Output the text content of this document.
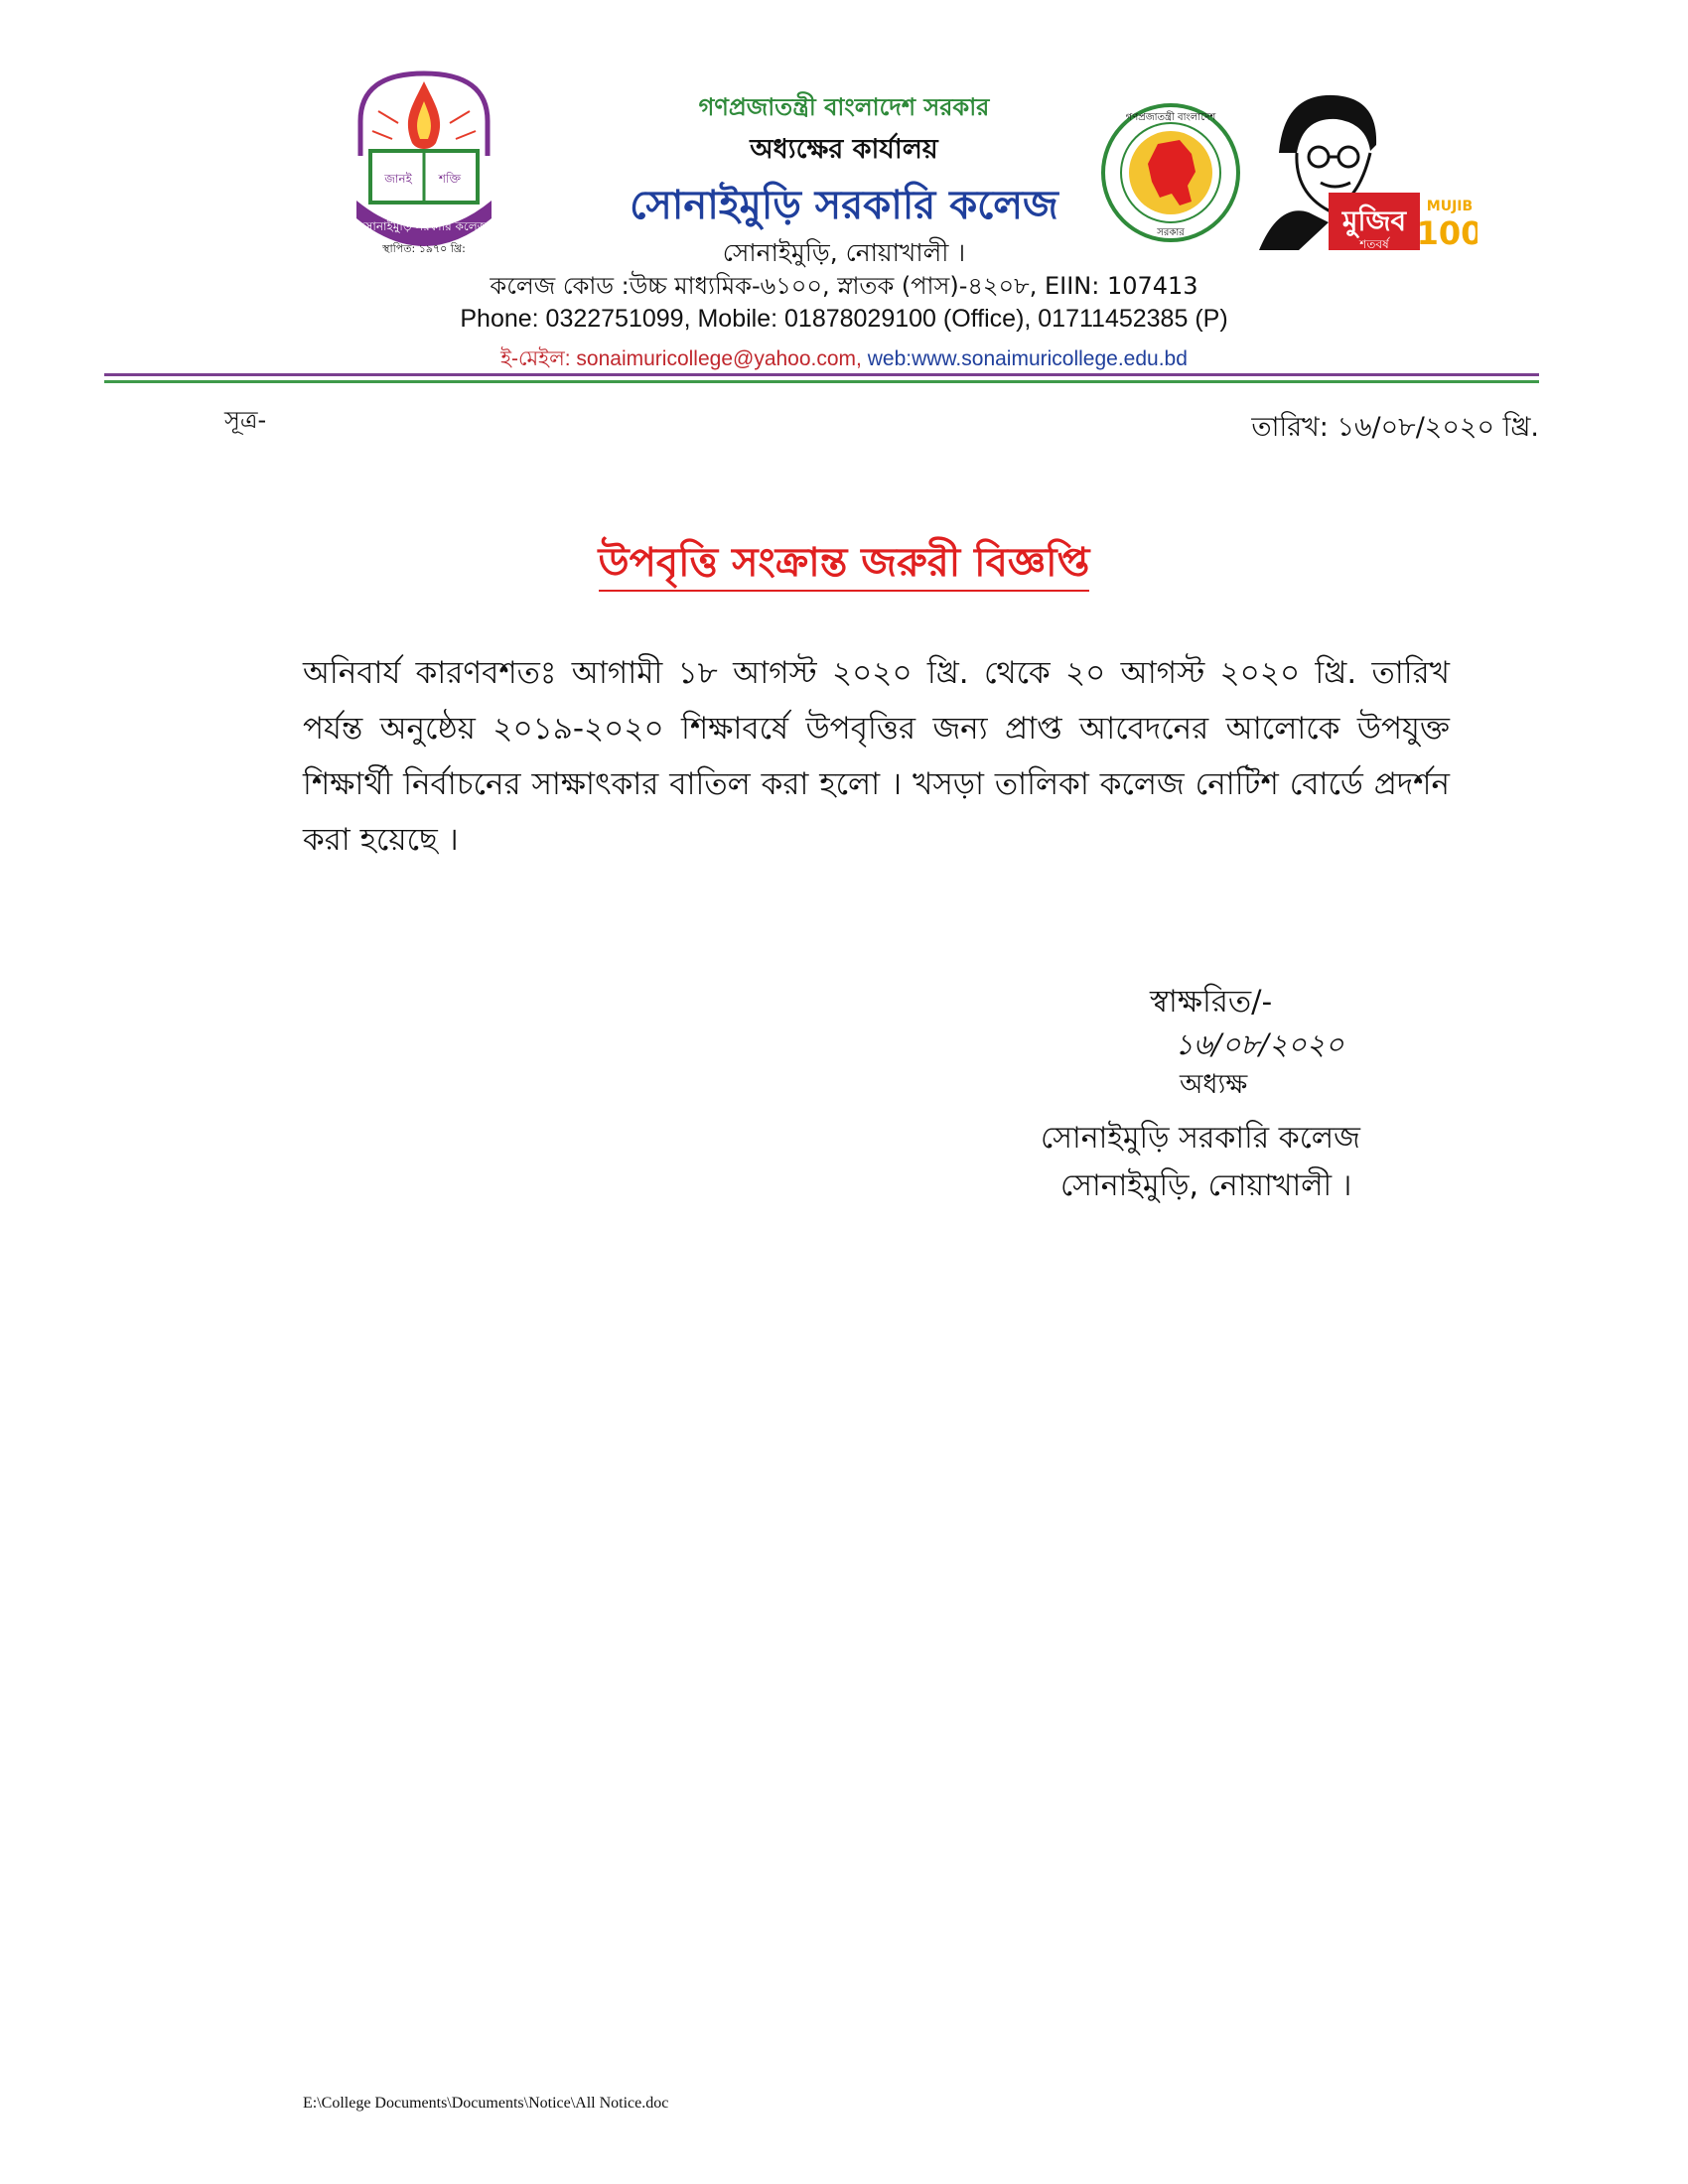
জানই শক্তি
সোনাইমুড়ি সরকারি কলেজ
স্থাপিত: ১৯৭০ খ্রি:
গণপ্রজাতন্ত্রী বাংলাদেশ সরকার
অধ্যক্ষের কার্যালয়
সোনাইমুড়ি সরকারি কলেজ
সোনাইমুড়ি, নোয়াখালী ।
কলেজ কোড :উচ্চ মাধ্যমিক-৬১০০, স্নাতক (পাস)-৪২০৮, EIIN: 107413
Phone: 0322751099, Mobile: 01878029100 (Office), 01711452385 (P)
ই-মেইল: sonaimuricollege@yahoo.com, web:www.sonaimuricollege.edu.bd
গণপ্রজাতন্ত্রী বাংলাদেশ
সরকার	মুজিব
শতবর্ষ
MUJIB
100
সূত্র-	তারিখ: ১৬/০৮/২০২০ খ্রি.
উপবৃত্তি সংক্রান্ত জরুরী বিজ্ঞপ্তি
অনিবার্য কারণবশতঃ আগামী ১৮ আগস্ট ২০২০ খ্রি. থেকে ২০ আগস্ট ২০২০ খ্রি. তারিখ পর্যন্ত অনুষ্ঠেয় ২০১৯-২০২০ শিক্ষাবর্ষে উপবৃত্তির জন্য প্রাপ্ত আবেদনের আলোকে উপযুক্ত শিক্ষার্থী নির্বাচনের সাক্ষাৎকার বাতিল করা হলো । খসড়া তালিকা কলেজ নোটিশ বোর্ডে প্রদর্শন করা হয়েছে ।
স্বাক্ষরিত/-
১৬/০৮/২০২০
অধ্যক্ষ
সোনাইমুড়ি সরকারি কলেজ
সোনাইমুড়ি, নোয়াখালী ।
E:\College Documents\Documents\Notice\All Notice.doc
